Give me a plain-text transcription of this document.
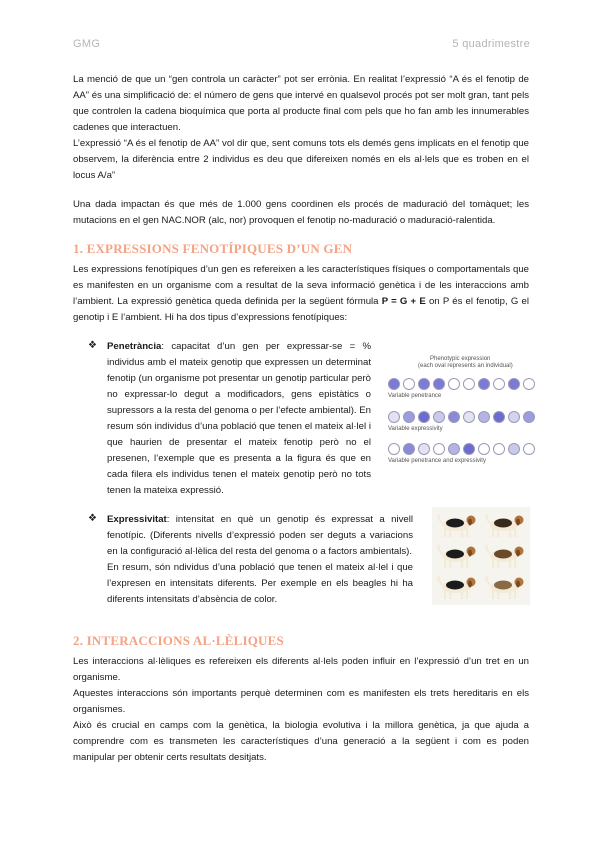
GMG	5 quadrimestre

La menció de que un “gen controla un caràcter” pot ser errònia. En realitat l’expressió “A és el fenotip de AA” és una simplificació de: el número de gens que intervé en qualsevol procés pot ser molt gran, tant pels que controlen la cadena bioquímica que porta al producte final com pels que ho fan amb les innumerables cadenes que interactuen.

L’expressió “A és el fenotip de AA” vol dir que, sent comuns tots els demés gens implicats en el fenotip que observem, la diferència entre 2 individus es deu que difereixen només en els al·lels que es troben en el locus A/a”

Una dada impactan és que més de 1.000 gens coordinen els procés de maduració del tomàquet; les mutacions en el gen NAC.NOR (alc, nor) provoquen el fenotip no-maduració o maduració-ralentida.

1. EXPRESSIONS FENOTÍPIQUES D’UN GEN

Les expressions fenotípiques d’un gen es refereixen a les característiques físiques o comportamentals que es manifesten en un organisme com a resultat de la seva informació genètica i de les interaccions amb l’ambient. La expressió genètica queda definida per la següent fórmula P = G + E on P és el fenotip, G el genotip i E l’ambient. Hi ha dos tipus d’expressions fenotípiques:

❖ Penetrància: capacitat d’un gen per expressar-se = % individus amb el mateix genotip que expressen un determinat fenotip (un organisme pot presentar un genotip particular però no expressar-lo degut a modificadors, gens epistàtics o supressors a la resta del genoma o per l’efecte ambiental). En resum són individus d’una població que tenen el mateix al·lel i que haurien de presentar el mateix fenotip però no el presenen, l’exemple que es presenta a la figura és que en cada filera els individus tenen el mateix genotip però no tots tenen la mateixa expressió.
Phenotypic expression
(each oval represents an individual)
Variable penetrance
Variable expressivity
Variable penetrance and expressivity
❖ Expressivitat: intensitat en què un genotip és expressat a nivell fenotípic. (Diferents nivells d’expressió poden ser deguts a variacions en la configuració al·lèlica del resta del genoma o a factors ambientals).
En resum, són ndividus d’una població que tenen el mateix al·lel i que l’expresen en intensitats diferents. Per exemple en els beagles hi ha diferents intensitats d’absència de color.
2. INTERACCIONS AL·LÈLIQUES

Les interaccions al·lèliques es refereixen els diferents al·lels poden influir en l’expressió d’un tret en un organisme.

Aquestes interaccions són importants perquè determinen com es manifesten els trets hereditaris en els organismes.

Això és crucial en camps com la genètica, la biologia evolutiva i la millora genètica, ja que ajuda a comprendre com es transmeten les característiques d’una generació a la següent i com es poden manipular per obtenir certs resultats desitjats.
